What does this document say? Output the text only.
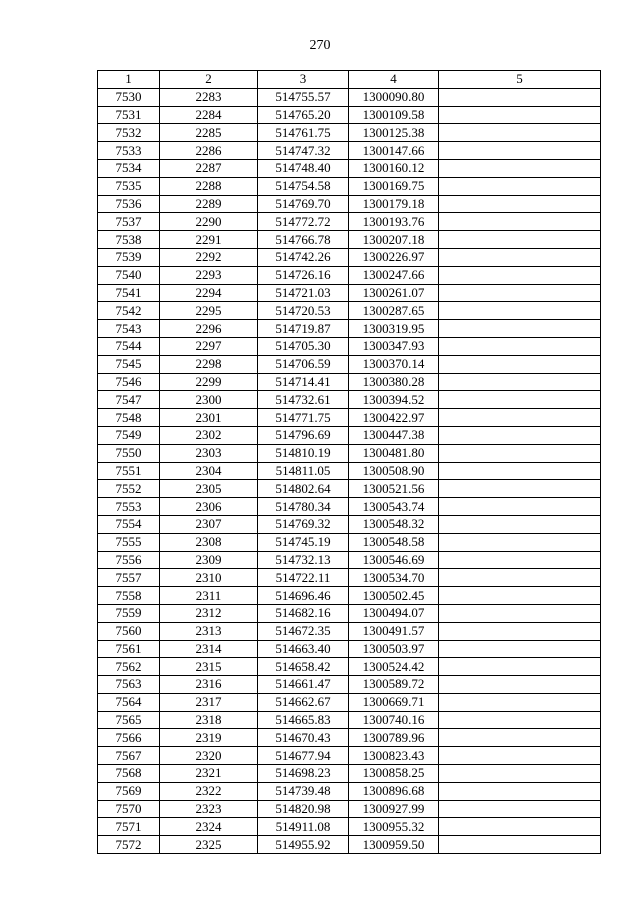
270
1	2	3	4	5
7530	2283	514755.57	1300090.80	
7531	2284	514765.20	1300109.58	
7532	2285	514761.75	1300125.38	
7533	2286	514747.32	1300147.66	
7534	2287	514748.40	1300160.12	
7535	2288	514754.58	1300169.75	
7536	2289	514769.70	1300179.18	
7537	2290	514772.72	1300193.76	
7538	2291	514766.78	1300207.18	
7539	2292	514742.26	1300226.97	
7540	2293	514726.16	1300247.66	
7541	2294	514721.03	1300261.07	
7542	2295	514720.53	1300287.65	
7543	2296	514719.87	1300319.95	
7544	2297	514705.30	1300347.93	
7545	2298	514706.59	1300370.14	
7546	2299	514714.41	1300380.28	
7547	2300	514732.61	1300394.52	
7548	2301	514771.75	1300422.97	
7549	2302	514796.69	1300447.38	
7550	2303	514810.19	1300481.80	
7551	2304	514811.05	1300508.90	
7552	2305	514802.64	1300521.56	
7553	2306	514780.34	1300543.74	
7554	2307	514769.32	1300548.32	
7555	2308	514745.19	1300548.58	
7556	2309	514732.13	1300546.69	
7557	2310	514722.11	1300534.70	
7558	2311	514696.46	1300502.45	
7559	2312	514682.16	1300494.07	
7560	2313	514672.35	1300491.57	
7561	2314	514663.40	1300503.97	
7562	2315	514658.42	1300524.42	
7563	2316	514661.47	1300589.72	
7564	2317	514662.67	1300669.71	
7565	2318	514665.83	1300740.16	
7566	2319	514670.43	1300789.96	
7567	2320	514677.94	1300823.43	
7568	2321	514698.23	1300858.25	
7569	2322	514739.48	1300896.68	
7570	2323	514820.98	1300927.99	
7571	2324	514911.08	1300955.32	
7572	2325	514955.92	1300959.50	
